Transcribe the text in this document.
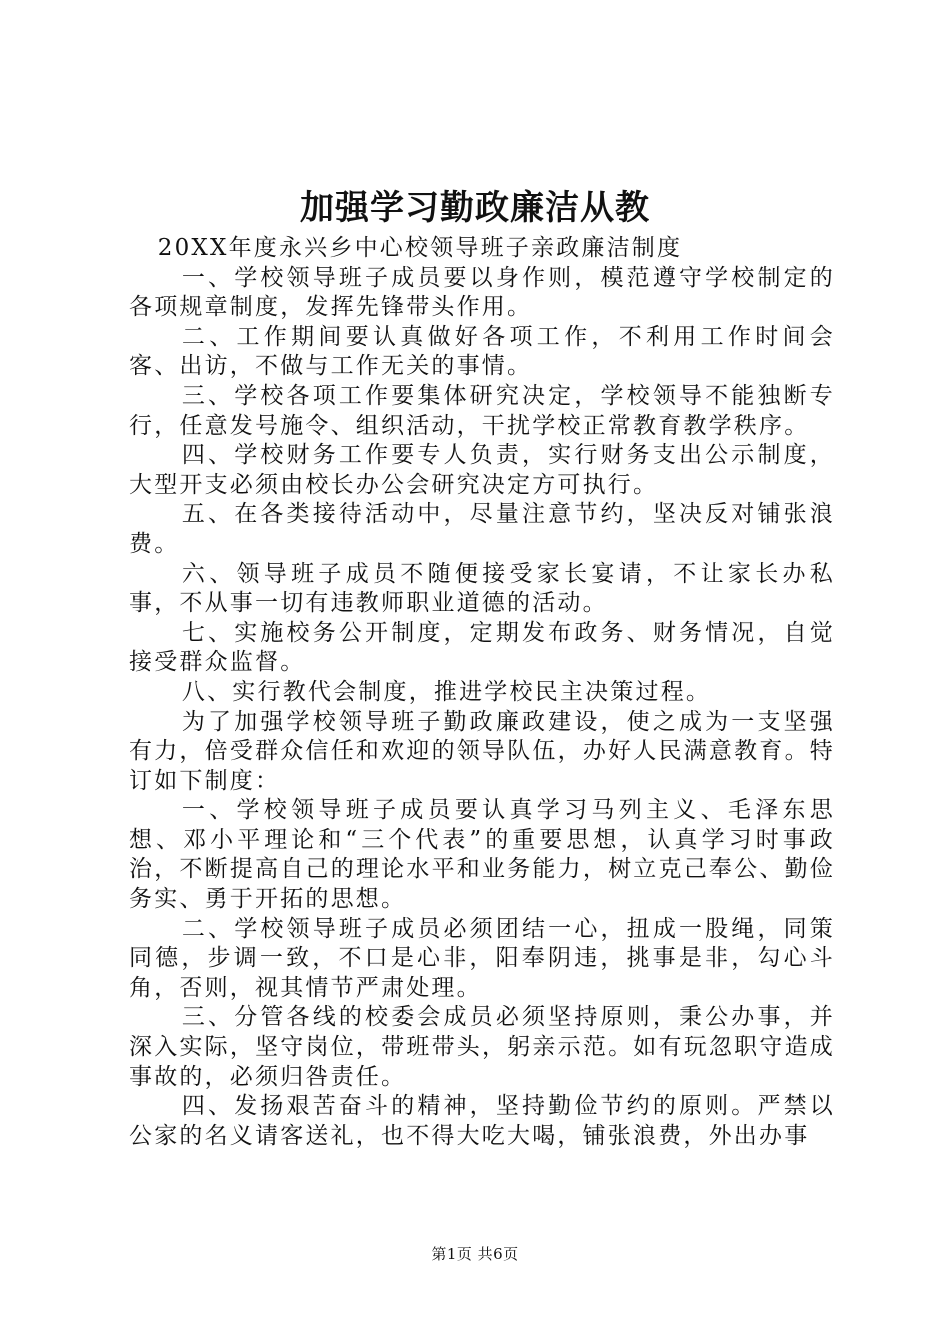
加强学习勤政廉洁从教

20XX年度永兴乡中心校领导班子亲政廉洁制度

一、学校领导班子成员要以身作则，模范遵守学校制定的各项规章制度，发挥先锋带头作用。

二、工作期间要认真做好各项工作，不利用工作时间会客、出访，不做与工作无关的事情。

三、学校各项工作要集体研究决定，学校领导不能独断专行，任意发号施令、组织活动，干扰学校正常教育教学秩序。

四、学校财务工作要专人负责，实行财务支出公示制度，大型开支必须由校长办公会研究决定方可执行。

五、在各类接待活动中，尽量注意节约，坚决反对铺张浪费。

六、领导班子成员不随便接受家长宴请，不让家长办私事，不从事一切有违教师职业道德的活动。

七、实施校务公开制度，定期发布政务、财务情况，自觉接受群众监督。

八、实行教代会制度，推进学校民主决策过程。

为了加强学校领导班子勤政廉政建设，使之成为一支坚强有力，倍受群众信任和欢迎的领导队伍，办好人民满意教育。特订如下制度：

一、学校领导班子成员要认真学习马列主义、毛泽东思想、邓小平理论和“三个代表”的重要思想，认真学习时事政治，不断提高自己的理论水平和业务能力，树立克己奉公、勤俭务实、勇于开拓的思想。

二、学校领导班子成员必须团结一心，扭成一股绳，同策同德，步调一致，不口是心非，阳奉阴违，挑事是非，勾心斗角，否则，视其情节严肃处理。

三、分管各线的校委会成员必须坚持原则，秉公办事，并深入实际，坚守岗位，带班带头，躬亲示范。如有玩忽职守造成事故的，必须归咎责任。

四、发扬艰苦奋斗的精神，坚持勤俭节约的原则。严禁以公家的名义请客送礼，也不得大吃大喝，铺张浪费，外出办事

第1页 共6页
